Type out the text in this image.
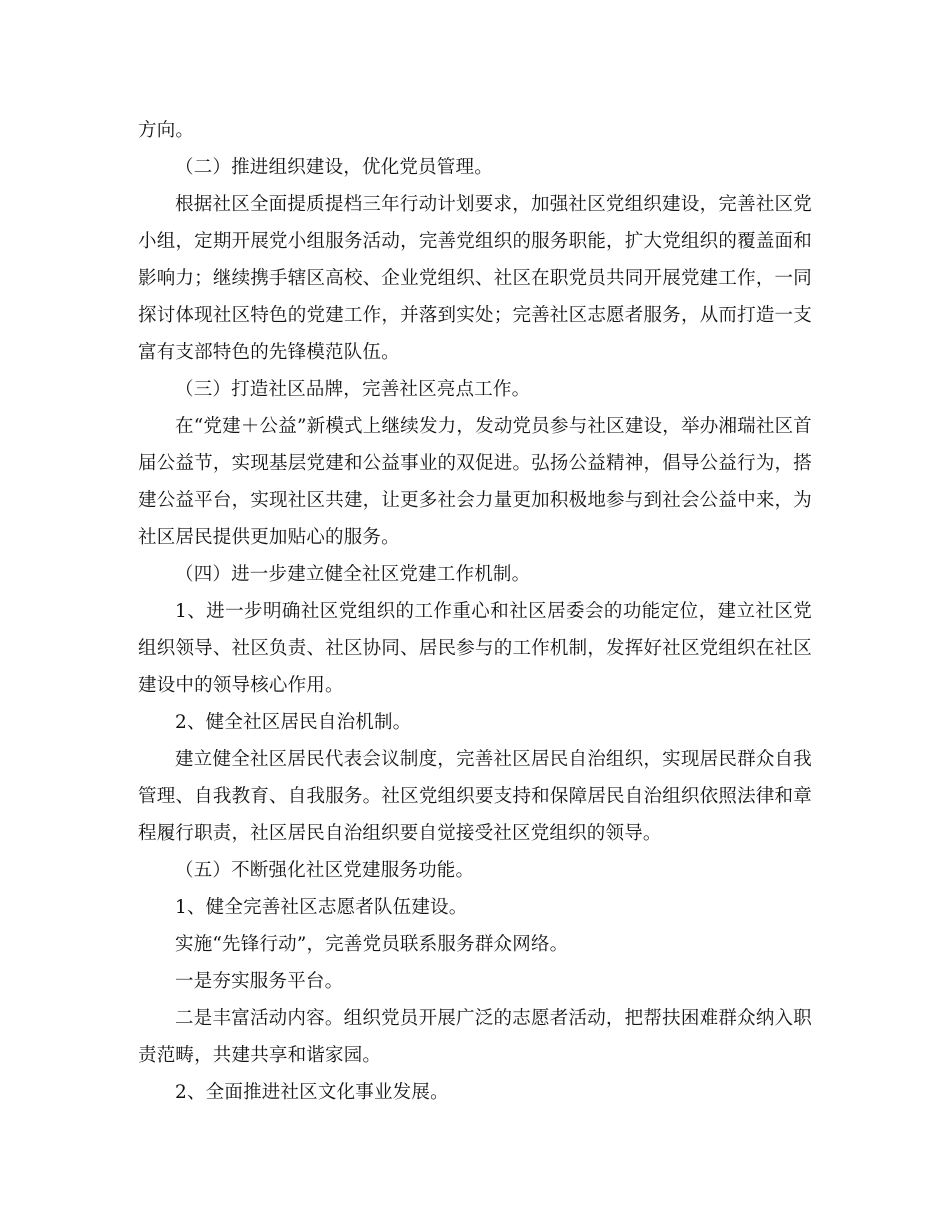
方向。

（二）推进组织建设，优化党员管理。

根据社区全面提质提档三年行动计划要求，加强社区党组织建设，完善社区党小组，定期开展党小组服务活动，完善党组织的服务职能，扩大党组织的覆盖面和影响力；继续携手辖区高校、企业党组织、社区在职党员共同开展党建工作，一同探讨体现社区特色的党建工作，并落到实处；完善社区志愿者服务，从而打造一支富有支部特色的先锋模范队伍。

（三）打造社区品牌，完善社区亮点工作。

在“党建＋公益”新模式上继续发力，发动党员参与社区建设，举办湘瑞社区首届公益节，实现基层党建和公益事业的双促进。弘扬公益精神，倡导公益行为，搭建公益平台，实现社区共建，让更多社会力量更加积极地参与到社会公益中来，为社区居民提供更加贴心的服务。

（四）进一步建立健全社区党建工作机制。

1、进一步明确社区党组织的工作重心和社区居委会的功能定位，建立社区党组织领导、社区负责、社区协同、居民参与的工作机制，发挥好社区党组织在社区建设中的领导核心作用。

2、健全社区居民自治机制。

建立健全社区居民代表会议制度，完善社区居民自治组织，实现居民群众自我管理、自我教育、自我服务。社区党组织要支持和保障居民自治组织依照法律和章程履行职责，社区居民自治组织要自觉接受社区党组织的领导。

（五）不断强化社区党建服务功能。

1、健全完善社区志愿者队伍建设。

实施“先锋行动”，完善党员联系服务群众网络。

一是夯实服务平台。

二是丰富活动内容。组织党员开展广泛的志愿者活动，把帮扶困难群众纳入职责范畴，共建共享和谐家园。

2、全面推进社区文化事业发展。
